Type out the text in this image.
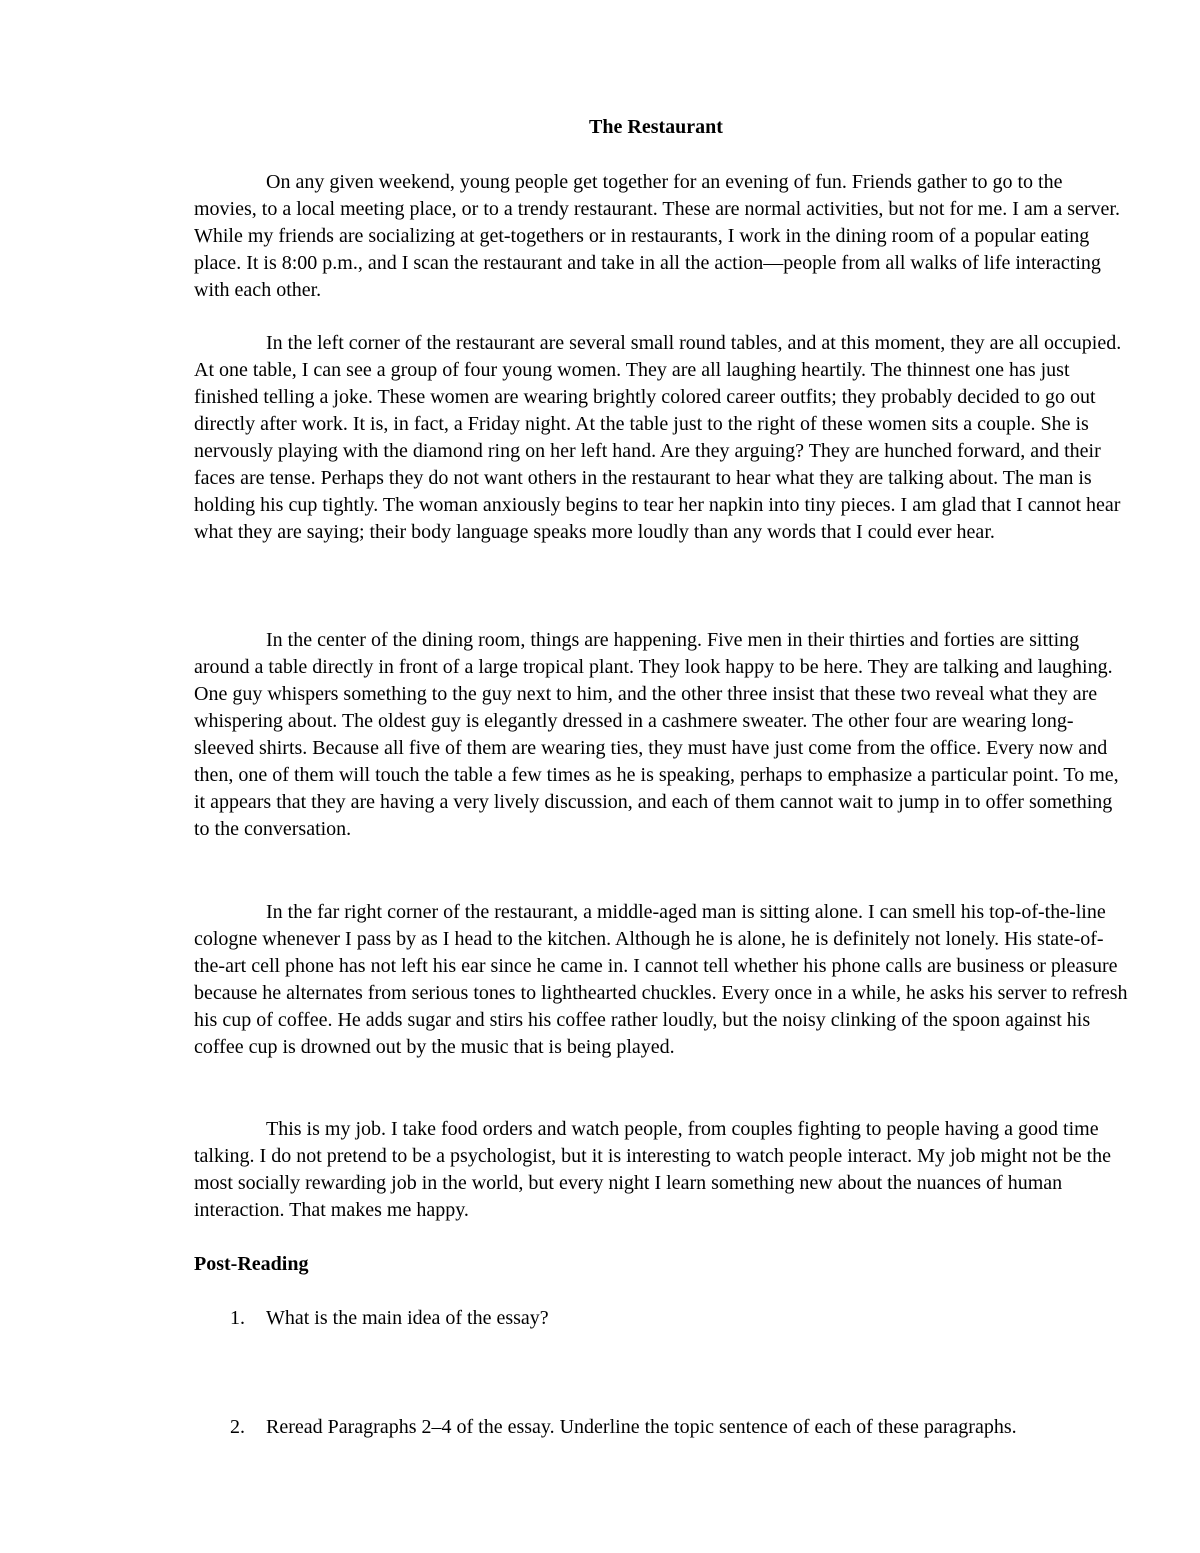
The Restaurant

On any given weekend, young people get together for an evening of fun. Friends gather to go to the movies, to a local meeting place, or to a trendy restaurant. These are normal activities, but not for me. I am a server. While my friends are socializing at get-togethers or in restaurants, I work in the dining room of a popular eating place. It is 8:00 p.m., and I scan the restaurant and take in all the action—people from all walks of life interacting with each other.

In the left corner of the restaurant are several small round tables, and at this moment, they are all occupied. At one table, I can see a group of four young women. They are all laughing heartily. The thinnest one has just finished telling a joke. These women are wearing brightly colored career outfits; they probably decided to go out directly after work. It is, in fact, a Friday night. At the table just to the right of these women sits a couple. She is nervously playing with the diamond ring on her left hand. Are they arguing? They are hunched forward, and their faces are tense. Perhaps they do not want others in the restaurant to hear what they are talking about. The man is holding his cup tightly. The woman anxiously begins to tear her napkin into tiny pieces. I am glad that I cannot hear what they are saying; their body language speaks more loudly than any words that I could ever hear.

In the center of the dining room, things are happening. Five men in their thirties and forties are sitting around a table directly in front of a large tropical plant. They look happy to be here. They are talking and laughing. One guy whispers something to the guy next to him, and the other three insist that these two reveal what they are whispering about. The oldest guy is elegantly dressed in a cashmere sweater. The other four are wearing long-sleeved shirts. Because all five of them are wearing ties, they must have just come from the office. Every now and then, one of them will touch the table a few times as he is speaking, perhaps to emphasize a particular point. To me, it appears that they are having a very lively discussion, and each of them cannot wait to jump in to offer something to the conversation.

In the far right corner of the restaurant, a middle-aged man is sitting alone. I can smell his top-of-the-line cologne whenever I pass by as I head to the kitchen. Although he is alone, he is definitely not lonely. His state-of-the-art cell phone has not left his ear since he came in. I cannot tell whether his phone calls are business or pleasure because he alternates from serious tones to lighthearted chuckles. Every once in a while, he asks his server to refresh his cup of coffee. He adds sugar and stirs his coffee rather loudly, but the noisy clinking of the spoon against his coffee cup is drowned out by the music that is being played.

This is my job. I take food orders and watch people, from couples fighting to people having a good time talking. I do not pretend to be a psychologist, but it is interesting to watch people interact. My job might not be the most socially rewarding job in the world, but every night I learn something new about the nuances of human interaction. That makes me happy.

Post-Reading
1. What is the main idea of the essay?
2. Reread Paragraphs 2–4 of the essay. Underline the topic sentence of each of these paragraphs.
